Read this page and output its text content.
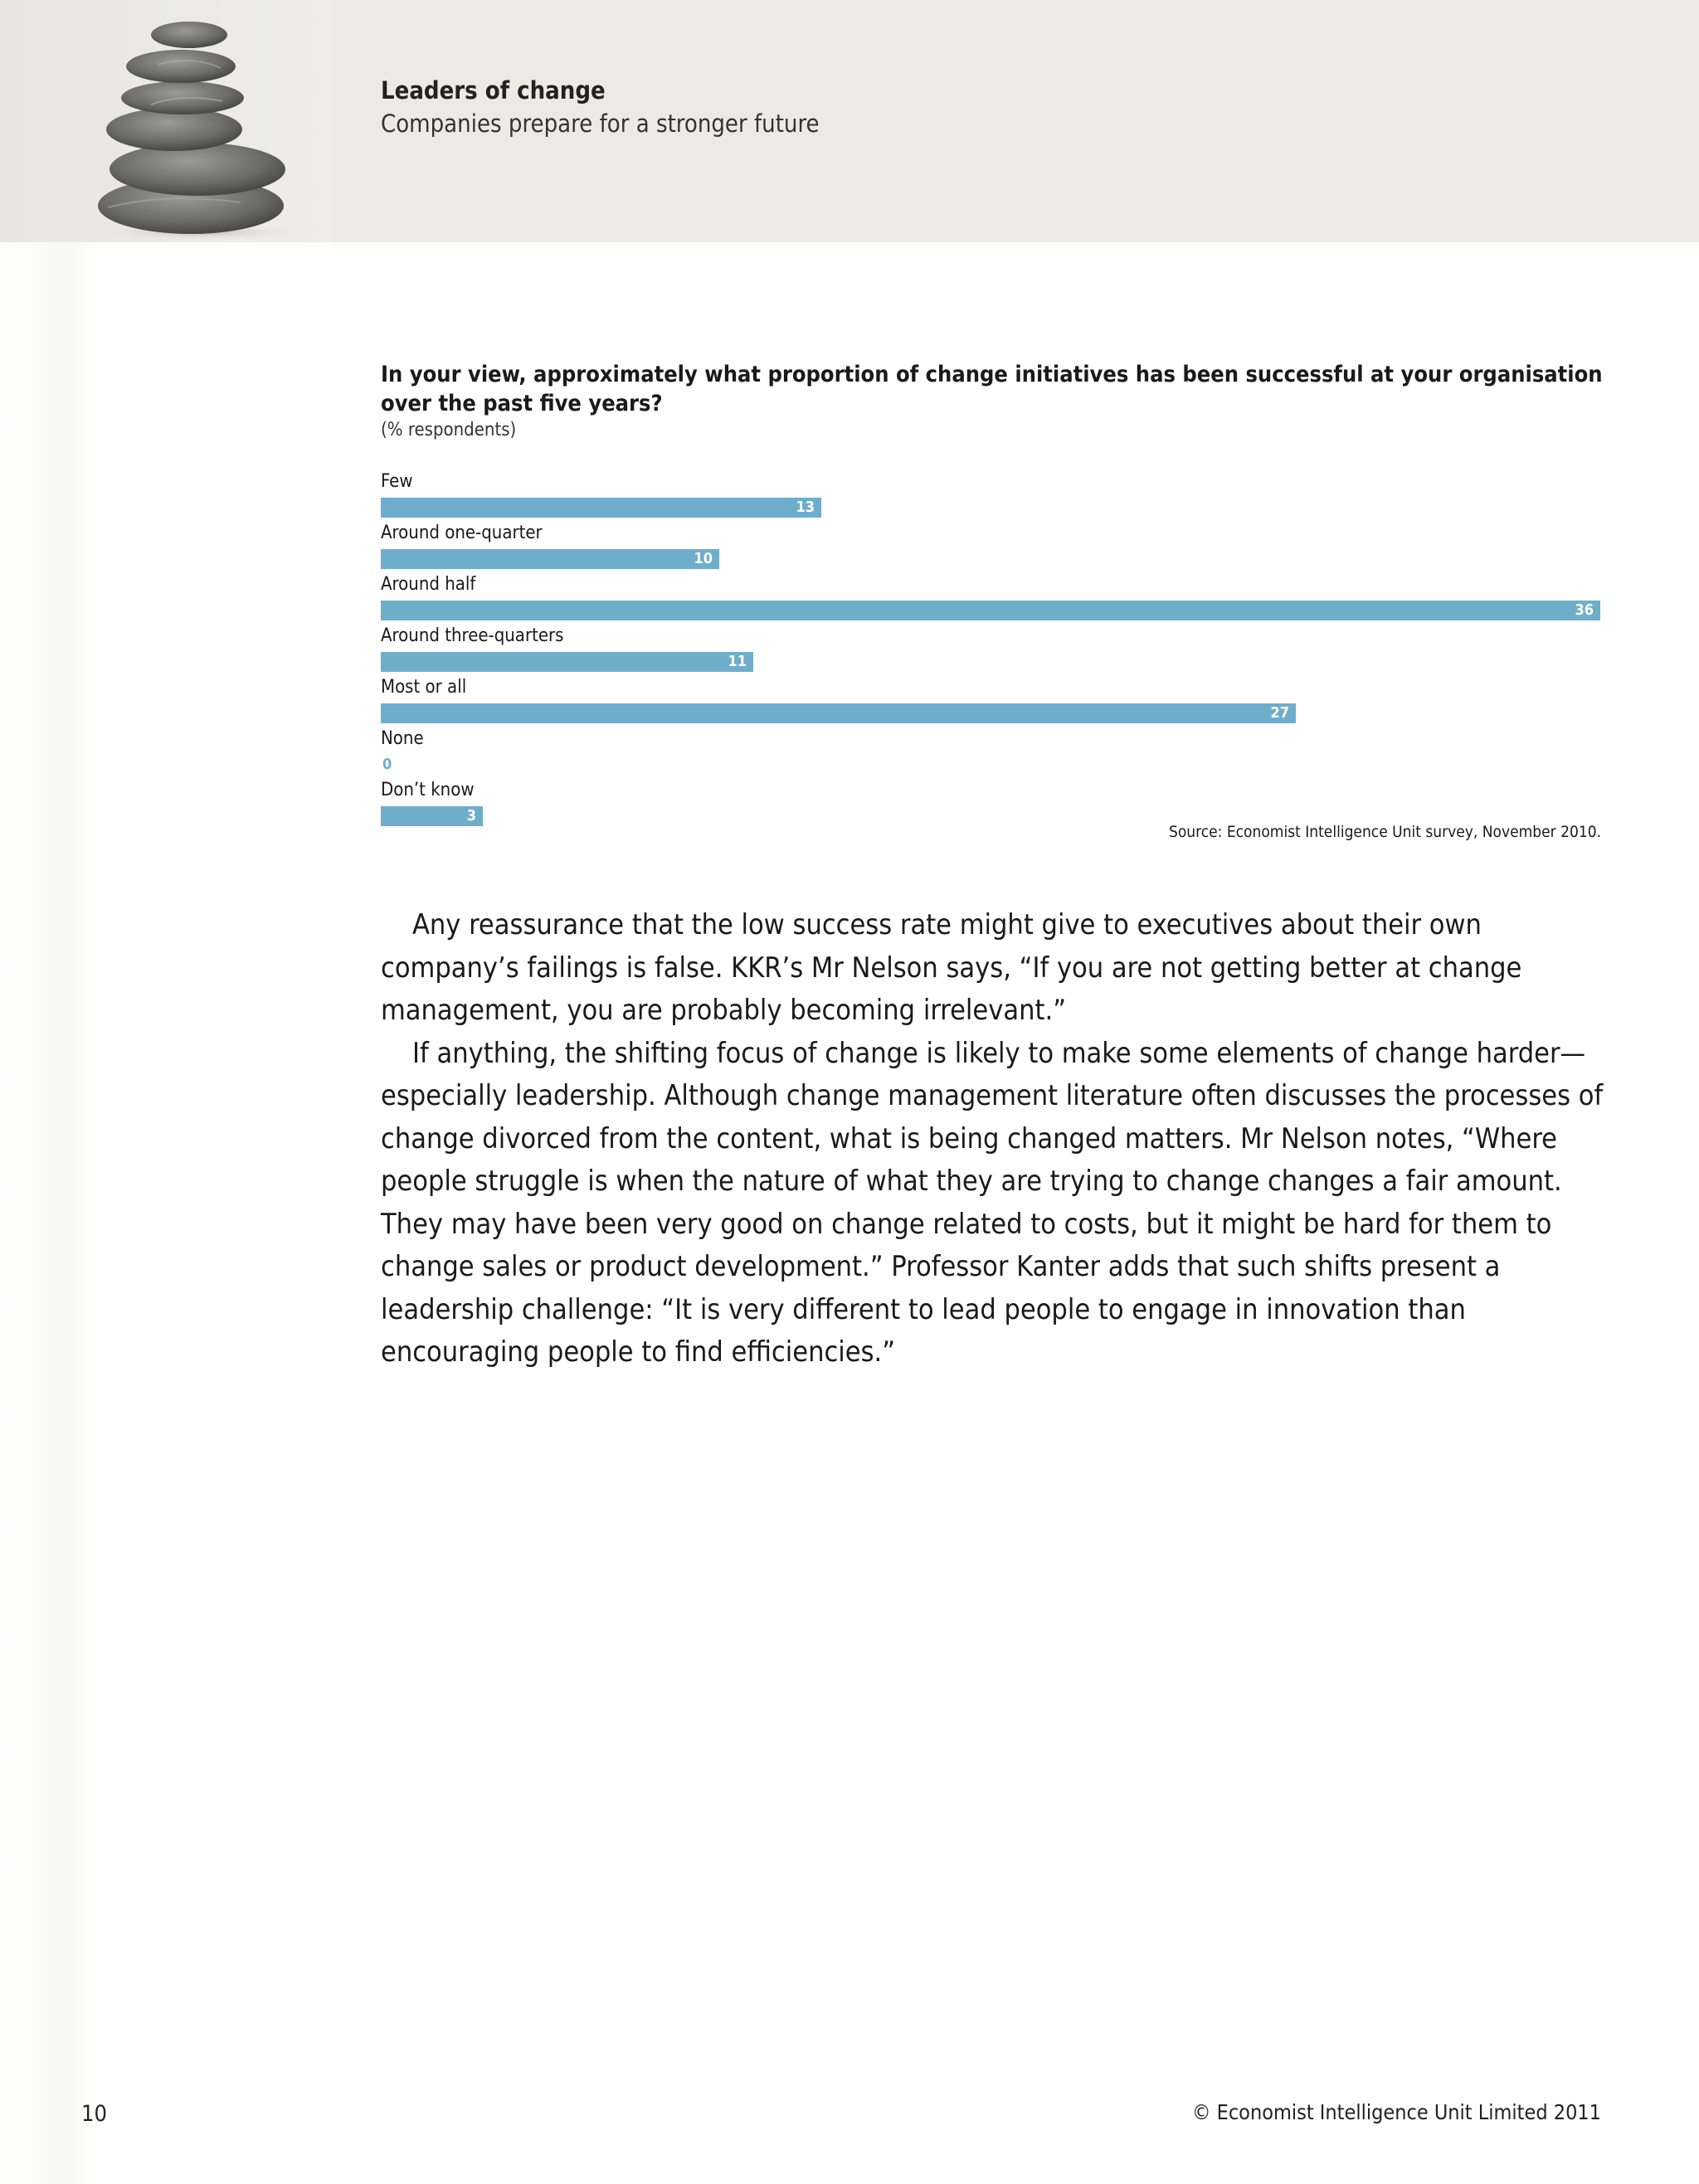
Leaders of change
Companies prepare for a stronger future
In your view, approximately what proportion of change initiatives has been successful at your organisation over the past five years?
(% respondents)
Few
13
Around one-quarter
10
Around half
36
Around three-quarters
11
Most or all
27
None
0
Don’t know
3
Source: Economist Intelligence Unit survey, November 2010.

Any reassurance that the low success rate might give to executives about their own company’s failings is false. KKR’s Mr Nelson says, “If you are not getting better at change management, you are probably becoming irrelevant.”

If anything, the shifting focus of change is likely to make some elements of change harder—especially leadership. Although change management literature often discusses the processes of change divorced from the content, what is being changed matters. Mr Nelson notes, “Where people struggle is when the nature of what they are trying to change changes a fair amount. They may have been very good on change related to costs, but it might be hard for them to change sales or product development.” Professor Kanter adds that such shifts present a leadership challenge: “It is very different to lead people to engage in innovation than encouraging people to find efficiencies.”

10	© Economist Intelligence Unit Limited 2011
